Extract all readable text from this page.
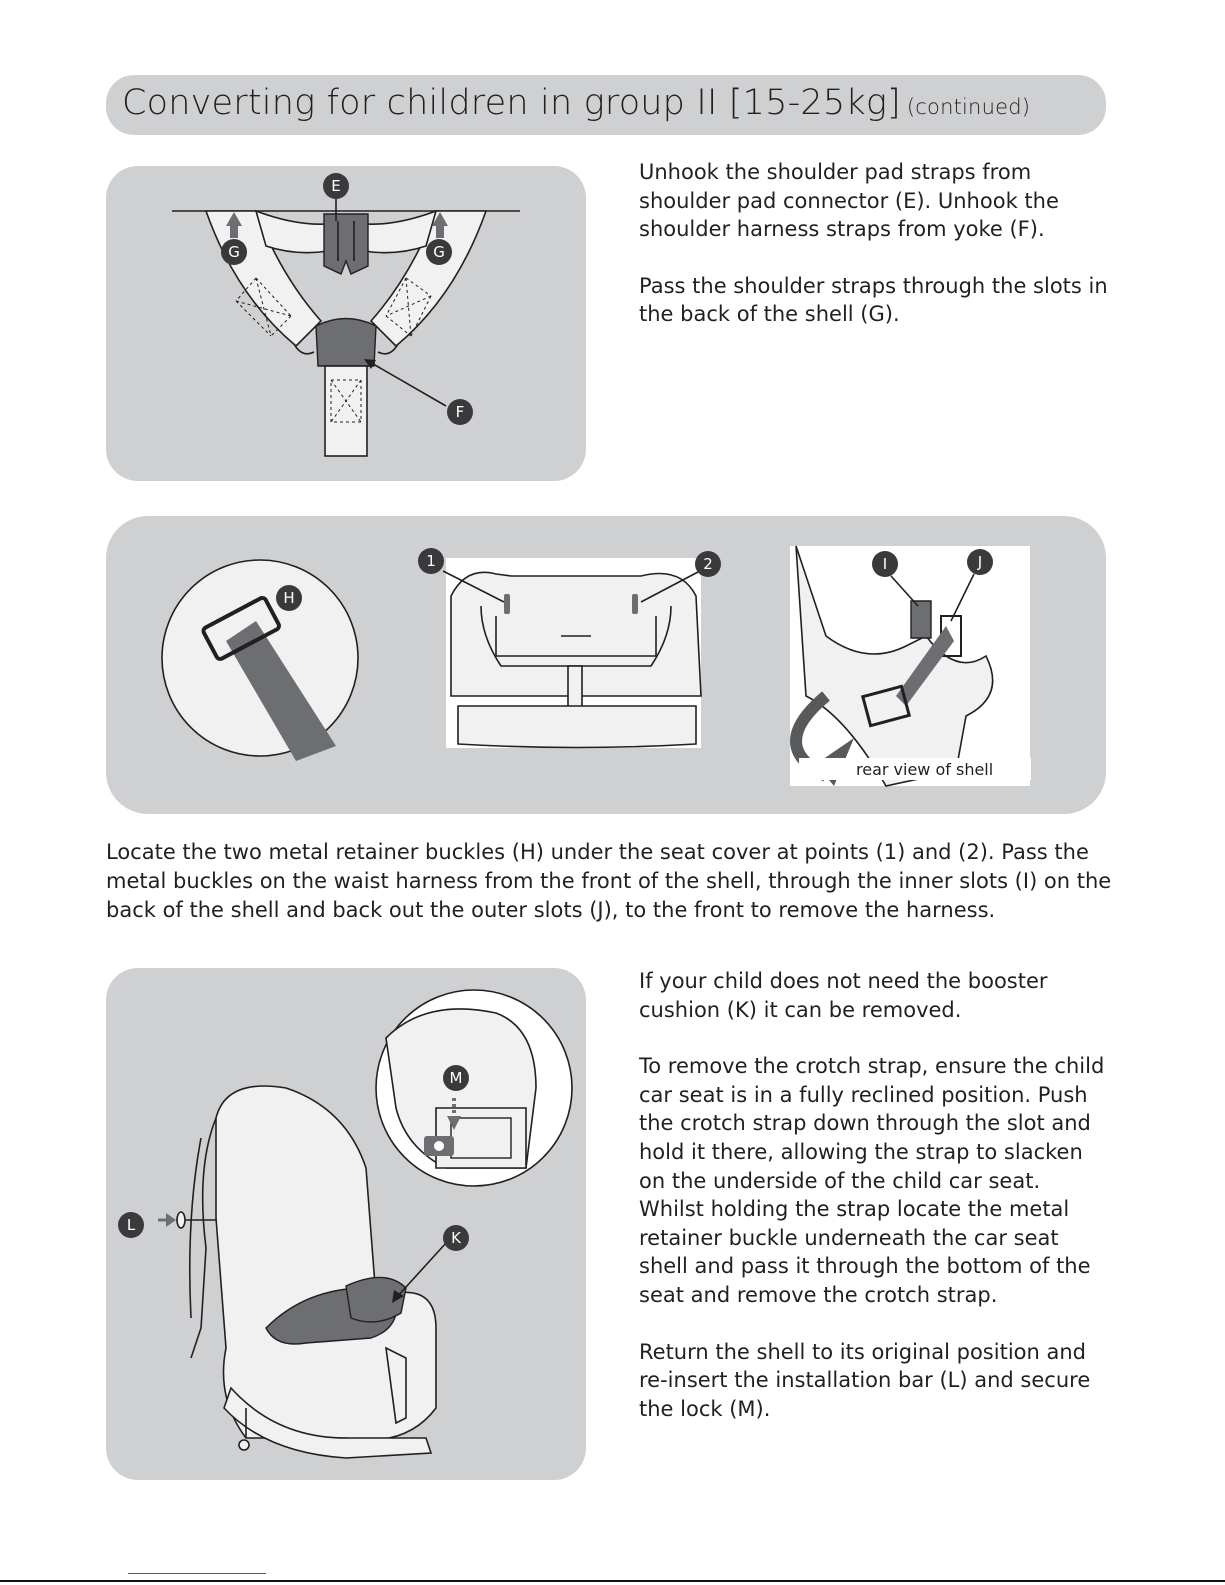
Converting for children in group II [15-25kg] (continued)
E
G	G
F

Unhook the shoulder pad straps from shoulder pad connector (E). Unhook the shoulder harness straps from yoke (F).

Pass the shoulder straps through the slots in the back of the shell (G).

H
1	2	I	J
rear view of shell

Locate the two metal retainer buckles (H) under the seat cover at points (1) and (2). Pass the metal buckles on the waist harness from the front of the shell, through the inner slots (I) on the back of the shell and back out the outer slots (J), to the front to remove the harness.

M
L
K

If your child does not need the booster cushion (K) it can be removed.

To remove the crotch strap, ensure the child car seat is in a fully reclined position. Push the crotch strap down through the slot and hold it there, allowing the strap to slacken on the underside of the child car seat. Whilst holding the strap locate the metal retainer buckle underneath the car seat shell and pass it through the bottom of the seat and remove the crotch strap.

Return the shell to its original position and re-insert the installation bar (L) and secure the lock (M).
